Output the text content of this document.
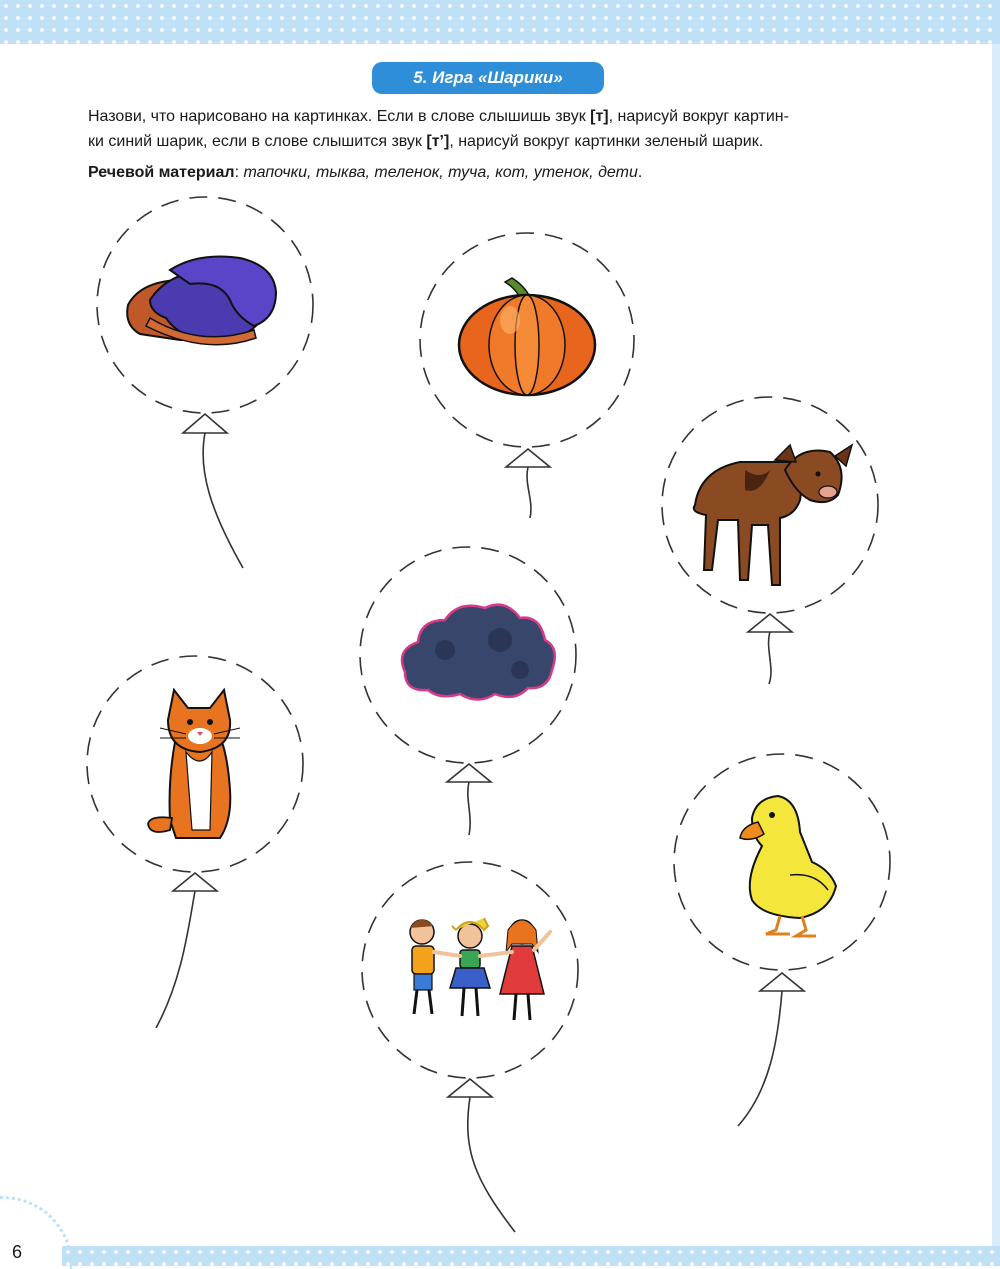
5. Игра «Шарики»

Назови, что нарисовано на картинках. Если в слове слышишь звук [т], нарисуй вокруг картин-
ки синий шарик, если в слове слышится звук [т’], нарисуй вокруг картинки зеленый шарик.

Речевой материал: тапочки, тыква, теленок, туча, кот, утенок, дети.

6
